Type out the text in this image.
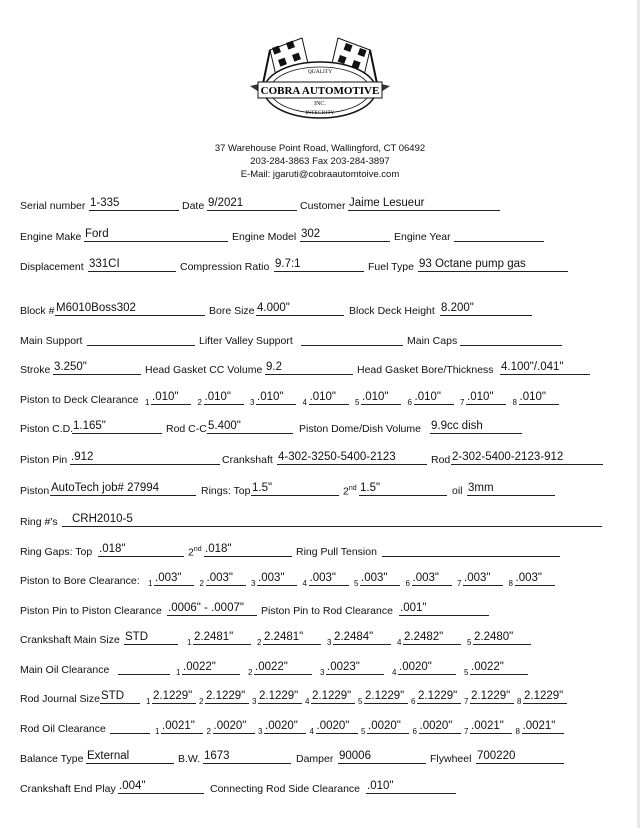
COBRA AUTOMOTIVE
INC.
QUALITY
INTEGRITY
37 Warehouse Point Road, Wallingford, CT 06492
203-284-3863 Fax 203-284-3897
E-Mail: jgaruti@cobraautomtoive.com
Serial number 1-335	Date 9/2021	Customer Jaime Lesueur
Engine Make Ford	Engine Model 302	Engine Year
Displacement 331CI	Compression Ratio 9.7:1	Fuel Type 93 Octane pump gas
Block # M6010Boss302	Bore Size 4.000"	Block Deck Height 8.200"
Main Support	Lifter Valley Support	Main Caps
Stroke 3.250"	Head Gasket CC Volume 9.2	Head Gasket Bore/Thickness 4.100"/.041"
Piston to Deck Clearance 1 .010" 2 .010" 3 .010" 4 .010" 5 .010" 6 .010" 7 .010" 8 .010"
Piston C.D. 1.165"	Rod C-C 5.400"	Piston Dome/Dish Volume 9.9cc dish
Piston Pin .912	Crankshaft 4-302-3250-5400-2123	Rod 2-302-5400-2123-912
Piston AutoTech job# 27994	Rings: Top 1.5"	2nd 1.5"	oil 3mm
Ring #'s CRH2010-5
Ring Gaps: Top .018"	2nd .018"	Ring Pull Tension
Piston to Bore Clearance: 1 .003" 2 .003" 3 .003" 4 .003" 5 .003" 6 .003" 7 .003" 8 .003"
Piston Pin to Piston Clearance .0006" - .0007" Piston Pin to Rod Clearance .001"
Crankshaft Main Size STD	1 2.2481"	2 2.2481"	3 2.2484"	4 2.2482"	5 2.2480"
Main Oil Clearance	1 .0022"	2 .0022"	3 .0023"	4 .0020"	5 .0022"
Rod Journal Size STD	1 2.1229" 2 2.1229" 3 2.1229" 4 2.1229" 5 2.1229" 6 2.1229" 7 2.1229" 8 2.1229"
Rod Oil Clearance	1 .0021" 2 .0020" 3 .0020" 4 .0020" 5 .0020" 6 .0020" 7 .0021" 8 .0021"
Balance Type External	B.W. 1673	Damper 90006	Flywheel 700220
Crankshaft End Play .004"	Connecting Rod Side Clearance .010"
